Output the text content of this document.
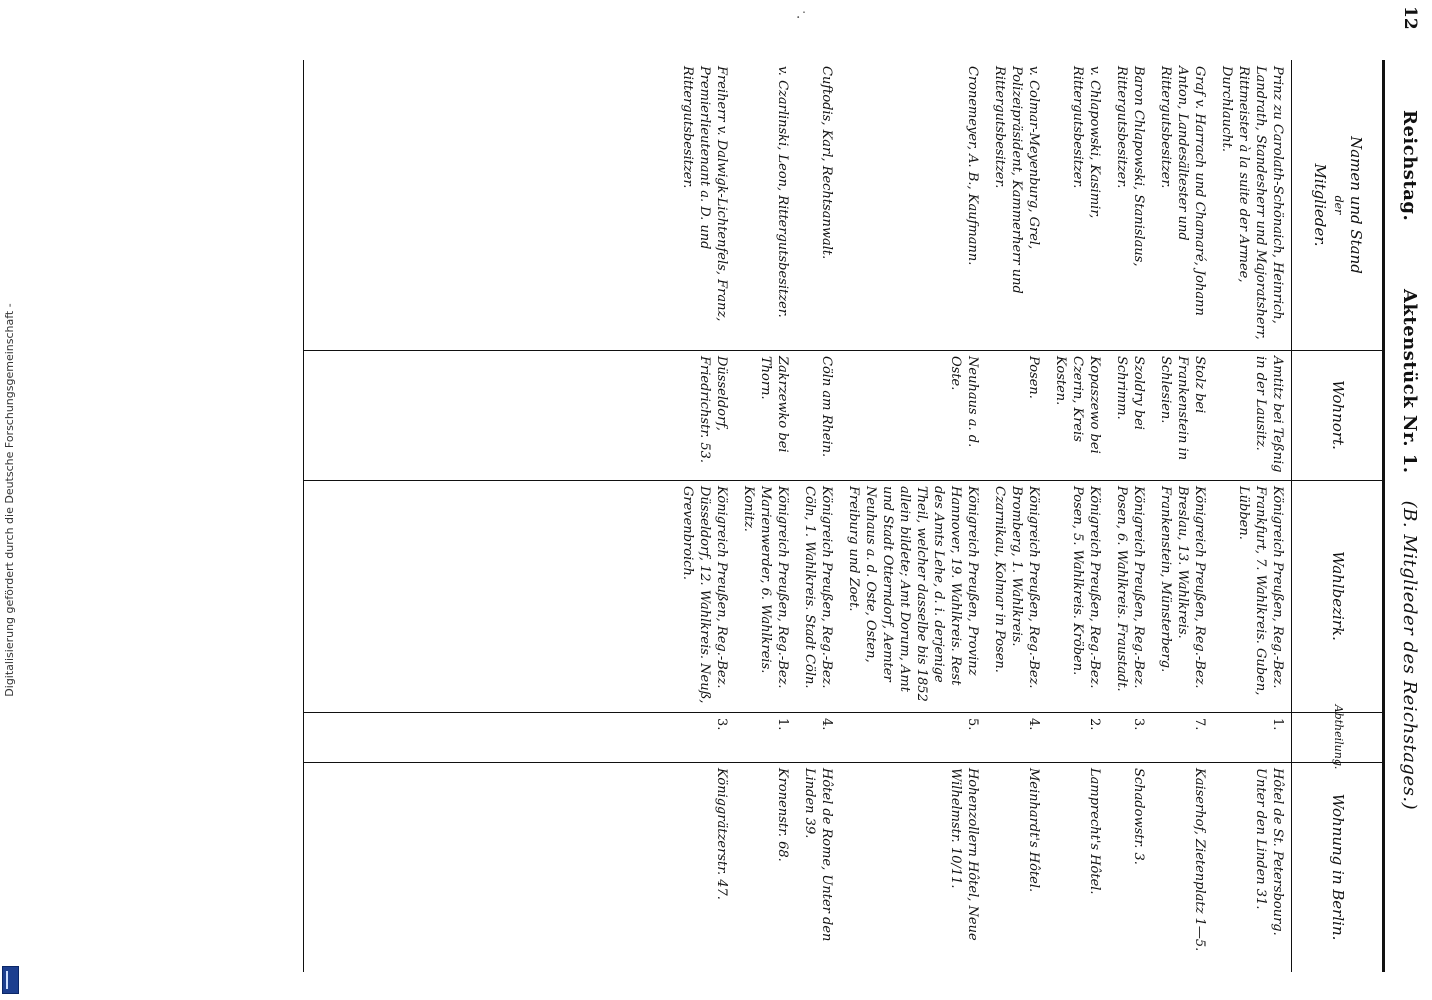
Digitalisierung gefördert durch die Deutsche Forschungsgemeinschaft -
·˙	12
Reichstag.          Aktenstück Nr. 1.    (B. Mitglieder des Reichstages.)
Namen und Stand
der
Mitglieder.
Wohnort.
Wahlbezirk.
Abtheilung.
Wohnung in Berlin.
Prinz zu Carolath-Schönaich, Heinrich, Landrath, Standesherr und Majoratsherr, Rittmeister à la suite der Armee, Durchlaucht.	Amtitz bei Teßnig in der Lausitz.	Königreich Preußen, Reg.-Bez. Frankfurt, 7. Wahlkreis. Guben, Lübben.	1.	Hôtel de St. Petersbourg. Unter den Linden 31.
Graf v. Harrach und Chamaré, Johann Anton, Landesältester und Rittergutsbesitzer.	Stolz bei Frankenstein in Schlesien.	Königreich Preußen, Reg.-Bez. Breslau, 13. Wahlkreis. Frankenstein, Münsterberg.	7.	Kaiserhof, Zietenplatz 1—5.
Baron Chlapowski, Stanislaus, Rittergutsbesitzer.	Szoldry bei Schrimm.	Königreich Preußen, Reg.-Bez. Posen, 6. Wahlkreis. Fraustadt.	3.	Schadowstr. 3.
v. Chlapowski, Kasimir, Rittergutsbesitzer.	Kopaszewo bei Czerin, Kreis Kosten.	Königreich Preußen, Reg.-Bez. Posen, 5. Wahlkreis. Kröben.	2.	Lamprecht's Hôtel.
v. Colmar-Meyenburg, Grel, Polizeipräsident, Kammerherr und Rittergutsbesitzer.	Posen.	Königreich Preußen, Reg.-Bez. Bromberg, 1. Wahlkreis. Czarnikau, Kolmar in Posen.	4.	Meinhardt's Hôtel.
Cronemeyer, A. B., Kaufmann.	Neuhaus a. d. Oste.	Königreich Preußen, Provinz Hannover, 19. Wahlkreis. Rest des Amts Lehe, d. i. derjenige Theil, welcher dasselbe bis 1852 allein bildete; Amt Dorum, Amt und Stadt Otterndorf, Aemter Neuhaus a. d. Oste, Osten, Freiburg und Zoet.	5.	Hohenzollern Hôtel, Neue Wilhelmstr. 10/11.
Cuftodis, Karl, Rechtsanwalt.	Cöln am Rhein.	Königreich Preußen, Reg.-Bez. Cöln, 1. Wahlkreis. Stadt Cöln.	4.	Hôtel de Rome, Unter den Linden 39.
v. Czarlinski, Leon, Rittergutsbesitzer.	Zakrzewko bei Thorn.	Königreich Preußen, Reg.-Bez. Marienwerder, 6. Wahlkreis. Konitz.	1.	Kronenstr. 68.
Freiherr v. Dalwigk-Lichtenfels, Franz, Premierlieutenant a. D. und Rittergutsbesitzer.	Düsseldorf, Friedrichstr. 53.	Königreich Preußen, Reg.-Bez. Düsseldorf, 12. Wahlkreis. Neuß, Grevenbroich.	3.	Königgrätzerstr. 47.
